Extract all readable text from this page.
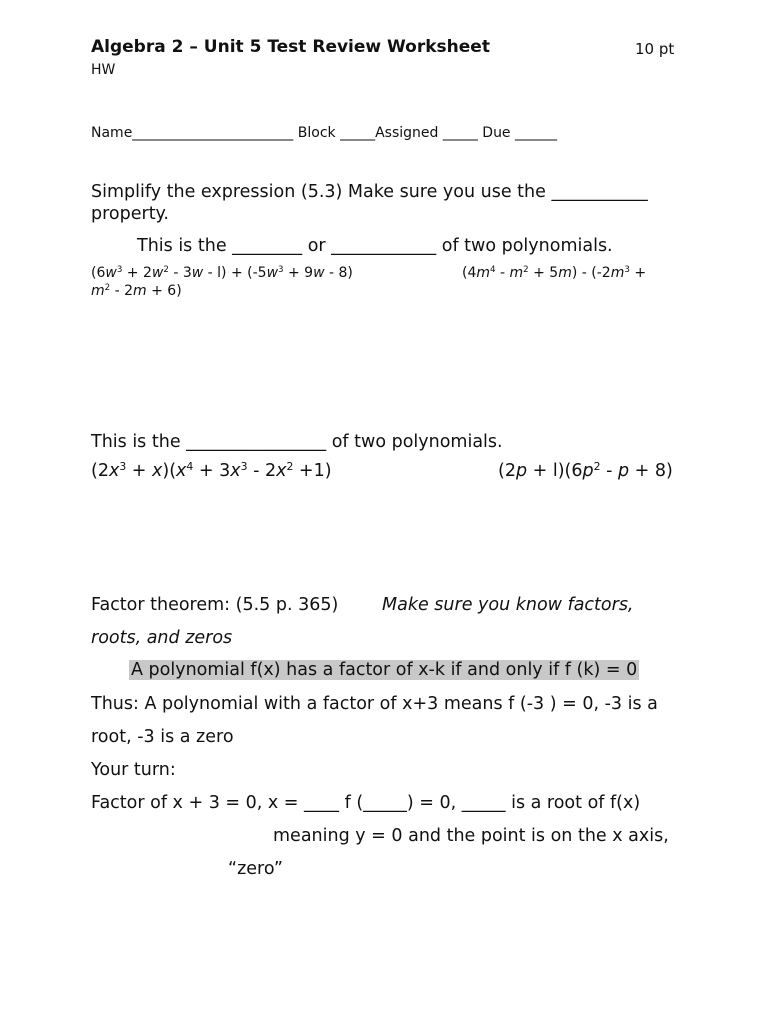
Algebra 2 – Unit 5 Test Review Worksheet	10 pt
HW
Name_______________________ Block _____Assigned _____ Due ______
Simplify the expression (5.3) Make sure you use the ___________
property.
This is the ________ or ____________ of two polynomials.
$(6w^3 + 2w^2 - 3w - l) + (-5w^3 + 9w - 8)$	$(4m^4 - m^2 + 5m) - (-2m^3$ +
$m^2 - 2m + 6$)
This is the ________________ of two polynomials.
$(2x^3 + x)(x^4 + 3x^3 - 2x^2 +1)$	$(2p + l)(6p^2 - p + 8)$
Factor theorem: (5.5 p. 365) Make sure you know factors,
roots, and zeros
A polynomial f(x) has a factor of x-k if and only if f (k) = 0
Thus: A polynomial with a factor of x+3 means f (-3 ) = 0, -3 is a
root, -3 is a zero
Your turn:
Factor of x + 3 = 0, x = ____ f (_____) = 0, _____ is a root of f(x)
meaning y = 0 and the point is on the x axis,
“zero”
